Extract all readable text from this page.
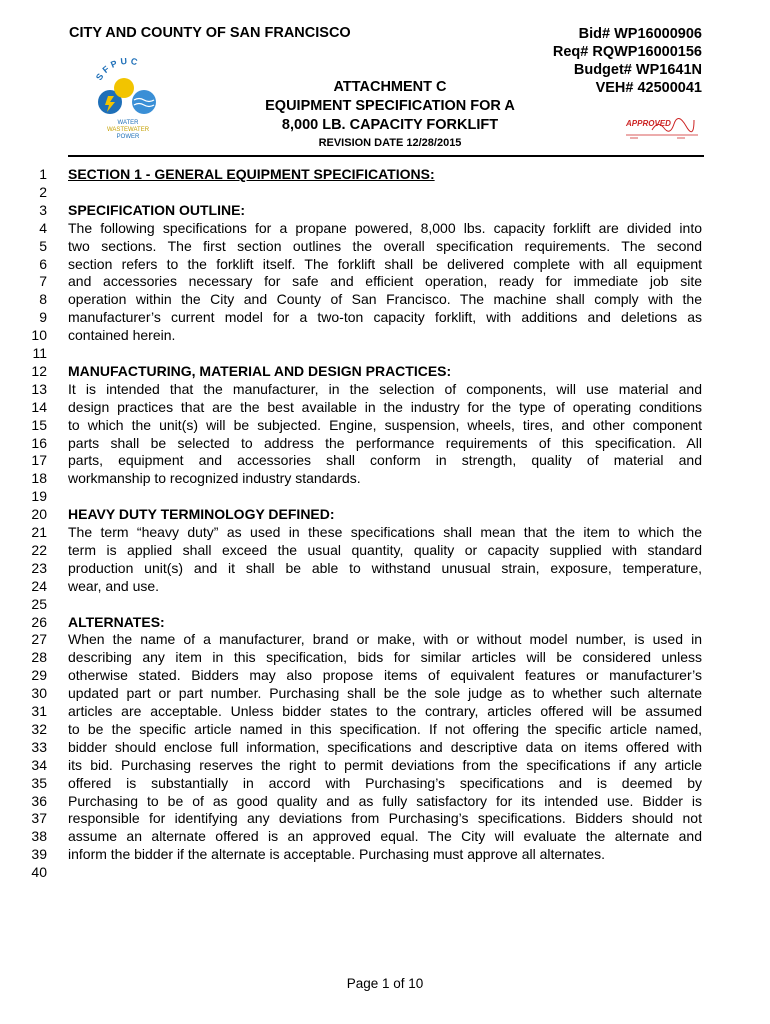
CITY AND COUNTY OF SAN FRANCISCO	Bid# WP16000906
Req# RQWP16000156
Budget# WP1641N
VEH# 42500041
SFPUC
WATER
WASTEWATER
POWER
ATTACHMENT C
EQUIPMENT SPECIFICATION FOR A
8,000 LB. CAPACITY FORKLIFT
REVISION DATE 12/28/2015
APPROVED
1 SECTION 1 - GENERAL EQUIPMENT SPECIFICATIONS:
2
3 SPECIFICATION OUTLINE:
4 The following specifications for a propane powered, 8,000 lbs. capacity forklift are divided into
5 two sections. The first section outlines the overall specification requirements. The second
6 section refers to the forklift itself. The forklift shall be delivered complete with all equipment
7 and accessories necessary for safe and efficient operation, ready for immediate job site
8 operation within the City and County of San Francisco. The machine shall comply with the
9 manufacturer’s current model for a two-ton capacity forklift, with additions and deletions as
10 contained herein.
11
12 MANUFACTURING, MATERIAL AND DESIGN PRACTICES:
13 It is intended that the manufacturer, in the selection of components, will use material and
14 design practices that are the best available in the industry for the type of operating conditions
15 to which the unit(s) will be subjected. Engine, suspension, wheels, tires, and other component
16 parts shall be selected to address the performance requirements of this specification. All
17 parts, equipment and accessories shall conform in strength, quality of material and
18 workmanship to recognized industry standards.
19
20 HEAVY DUTY TERMINOLOGY DEFINED:
21 The term “heavy duty” as used in these specifications shall mean that the item to which the
22 term is applied shall exceed the usual quantity, quality or capacity supplied with standard
23 production unit(s) and it shall be able to withstand unusual strain, exposure, temperature,
24 wear, and use.
25
26 ALTERNATES:
27 When the name of a manufacturer, brand or make, with or without model number, is used in
28 describing any item in this specification, bids for similar articles will be considered unless
29 otherwise stated. Bidders may also propose items of equivalent features or manufacturer’s
30 updated part or part number. Purchasing shall be the sole judge as to whether such alternate
31 articles are acceptable. Unless bidder states to the contrary, articles offered will be assumed
32 to be the specific article named in this specification. If not offering the specific article named,
33 bidder should enclose full information, specifications and descriptive data on items offered with
34 its bid. Purchasing reserves the right to permit deviations from the specifications if any article
35 offered is substantially in accord with Purchasing’s specifications and is deemed by
36 Purchasing to be of as good quality and as fully satisfactory for its intended use. Bidder is
37 responsible for identifying any deviations from Purchasing’s specifications. Bidders should not
38 assume an alternate offered is an approved equal. The City will evaluate the alternate and
39 inform the bidder if the alternate is acceptable. Purchasing must approve all alternates.
40
Page 1 of 10
